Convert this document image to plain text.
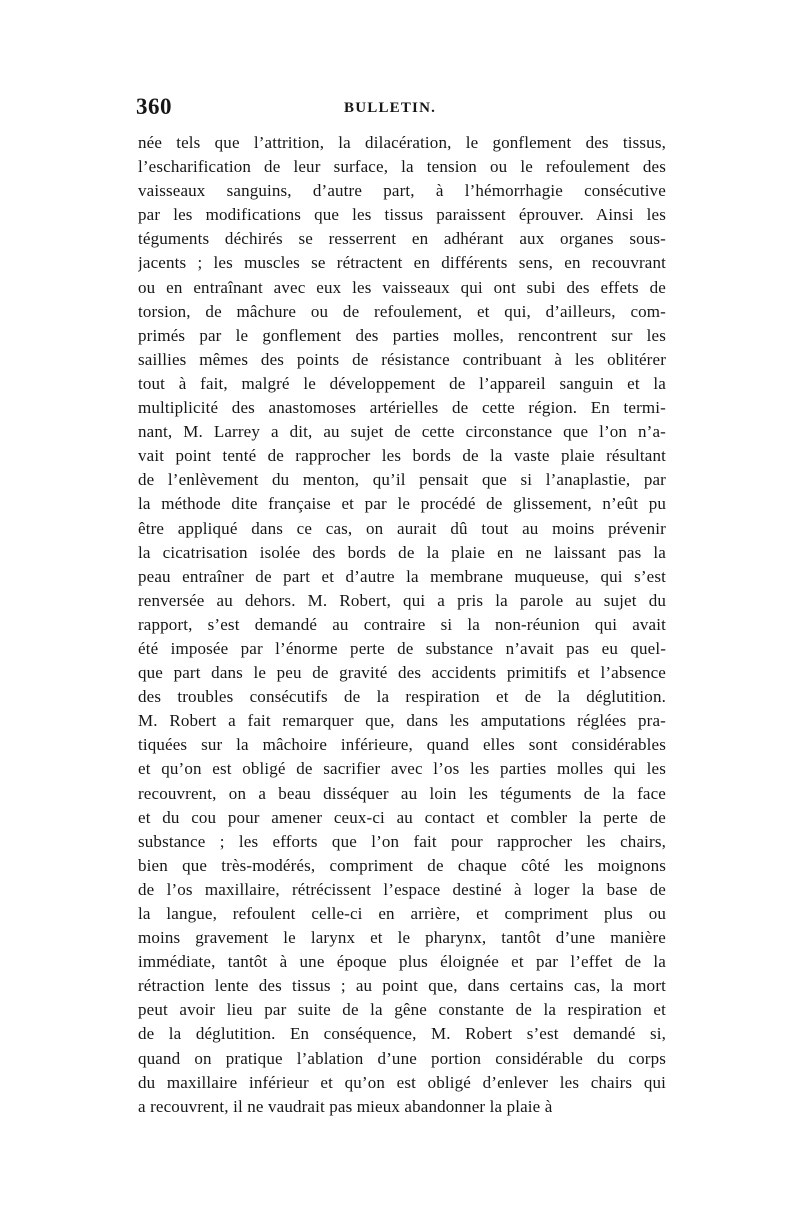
360	BULLETIN.
née tels que l’attrition, la dilacération, le gonflement des tissus,
l’escharification de leur surface, la tension ou le refoulement des
vaisseaux sanguins, d’autre part, à l’hémorrhagie consécutive
par les modifications que les tissus paraissent éprouver. Ainsi les
téguments déchirés se resserrent en adhérant aux organes sous-
jacents ; les muscles se rétractent en différents sens, en recouvrant
ou en entraînant avec eux les vaisseaux qui ont subi des effets de
torsion, de mâchure ou de refoulement, et qui, d’ailleurs, com-
primés par le gonflement des parties molles, rencontrent sur les
saillies mêmes des points de résistance contribuant à les oblitérer
tout à fait, malgré le développement de l’appareil sanguin et la
multiplicité des anastomoses artérielles de cette région. En termi-
nant, M. Larrey a dit, au sujet de cette circonstance que l’on n’a-
vait point tenté de rapprocher les bords de la vaste plaie résultant
de l’enlèvement du menton, qu’il pensait que si l’anaplastie, par
la méthode dite française et par le procédé de glissement, n’eût pu
être appliqué dans ce cas, on aurait dû tout au moins prévenir
la cicatrisation isolée des bords de la plaie en ne laissant pas la
peau entraîner de part et d’autre la membrane muqueuse, qui s’est
renversée au dehors. M. Robert, qui a pris la parole au sujet du
rapport, s’est demandé au contraire si la non-réunion qui avait
été imposée par l’énorme perte de substance n’avait pas eu quel-
que part dans le peu de gravité des accidents primitifs et l’absence
des troubles consécutifs de la respiration et de la déglutition.
M. Robert a fait remarquer que, dans les amputations réglées pra-
tiquées sur la mâchoire inférieure, quand elles sont considérables
et qu’on est obligé de sacrifier avec l’os les parties molles qui les
recouvrent, on a beau disséquer au loin les téguments de la face
et du cou pour amener ceux-ci au contact et combler la perte de
substance ; les efforts que l’on fait pour rapprocher les chairs,
bien que très-modérés, compriment de chaque côté les moignons
de l’os maxillaire, rétrécissent l’espace destiné à loger la base de
la langue, refoulent celle-ci en arrière, et compriment plus ou
moins gravement le larynx et le pharynx, tantôt d’une manière
immédiate, tantôt à une époque plus éloignée et par l’effet de la
rétraction lente des tissus ; au point que, dans certains cas, la mort
peut avoir lieu par suite de la gêne constante de la respiration et
de la déglutition. En conséquence, M. Robert s’est demandé si,
quand on pratique l’ablation d’une portion considérable du corps
du maxillaire inférieur et qu’on est obligé d’enlever les chairs qui
a recouvrent, il ne vaudrait pas mieux abandonner la plaie à
